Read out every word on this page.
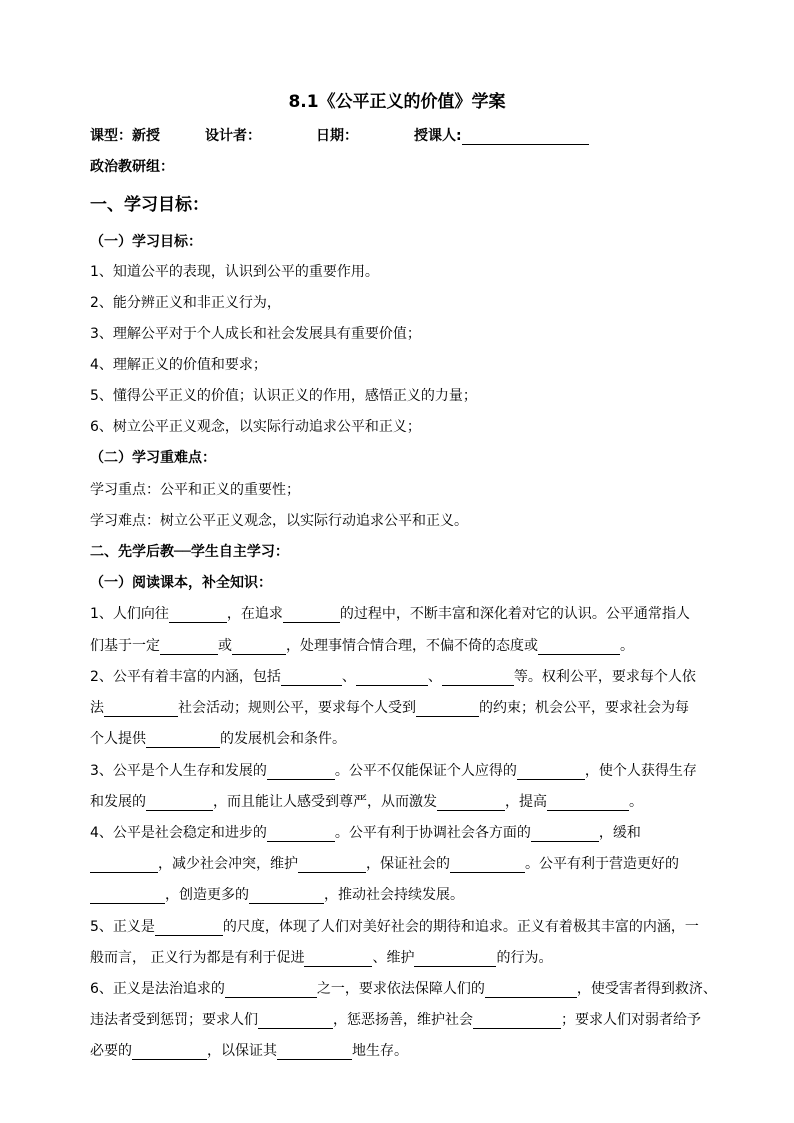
8.1《公平正义的价值》学案
课型：新授	设计者：	日期：	授课人:
政治教研组：
一、学习目标：
（一）学习目标：
1、知道公平的表现，认识到公平的重要作用。
2、能分辨正义和非正义行为，
3、理解公平对于个人成长和社会发展具有重要价值；
4、理解正义的价值和要求；
5、懂得公平正义的价值；认识正义的作用，感悟正义的力量；
6、树立公平正义观念，以实际行动追求公平和正义；
（二）学习重难点：
学习重点：公平和正义的重要性；
学习难点：树立公平正义观念，以实际行动追求公平和正义。
二、先学后教──学生自主学习：
（一）阅读课本，补全知识：
1、人们向往	，在追求	的过程中，不断丰富和深化着对它的认识。公平通常指人
们基于一定	或	，处理事情合情合理，不偏不倚的态度或	。
2、公平有着丰富的内涵，包括	、	、	等。权利公平，要求每个人依
法	社会活动；规则公平，要求每个人受到	的约束；机会公平，要求社会为每
个人提供	的发展机会和条件。
3、公平是个人生存和发展的	。公平不仅能保证个人应得的	，使个人获得生存
和发展的	，而且能让人感受到尊严，从而激发	，提高	。
4、公平是社会稳定和进步的	。公平有利于协调社会各方面的	，缓和
，减少社会冲突，维护	，保证社会的	。公平有利于营造更好的
，创造更多的	，推动社会持续发展。
5、正义是	的尺度，体现了人们对美好社会的期待和追求。正义有着极其丰富的内涵，一
般而言， 正义行为都是有利于促进	、维护	的行为。
6、正义是法治追求的	之一，要求依法保障人们的	，使受害者得到救济、
违法者受到惩罚；要求人们	，惩恶扬善，维护社会	；要求人们对弱者给予
必要的	，以保证其	地生存。
